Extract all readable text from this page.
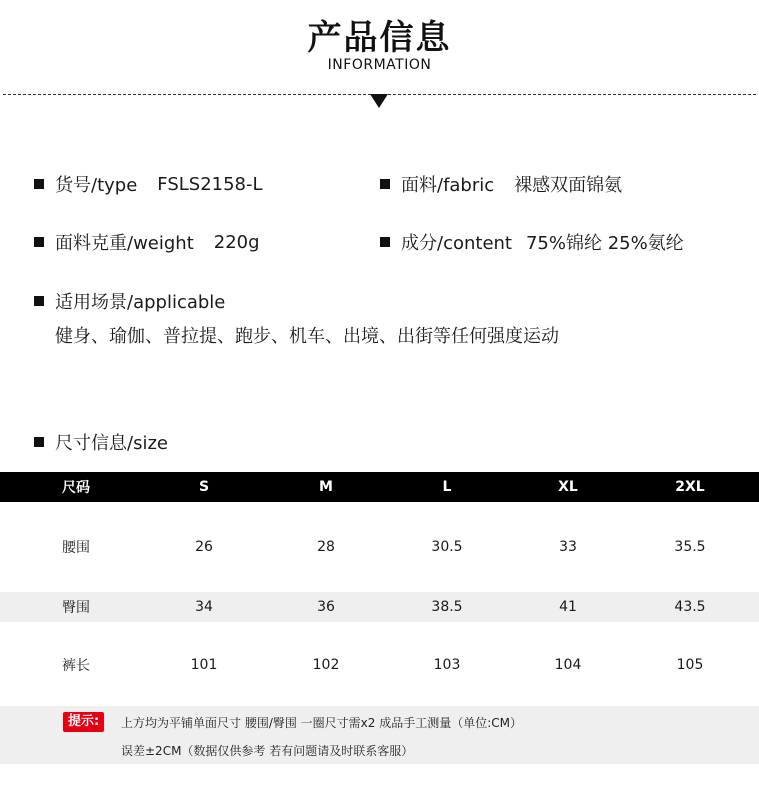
产品信息
INFORMATION
货号/type FSLS2158-L	面料/fabric 裸感双面锦氨
面料克重/weight 220g	成分/content 75%锦纶 25%氨纶
适用场景/applicable
健身、瑜伽、普拉提、跑步、机车、出境、出街等任何强度运动
尺寸信息/size
尺码	S	M	L	XL	2XL
腰围	26	28	30.5	33	35.5
臀围	34	36	38.5	41	43.5
裤长	101	102	103	104	105
提示:	上方均为平铺单面尺寸 腰围/臀围 一圈尺寸需x2 成品手工测量（单位:CM）
误差±2CM（数据仅供参考 若有问题请及时联系客服）
